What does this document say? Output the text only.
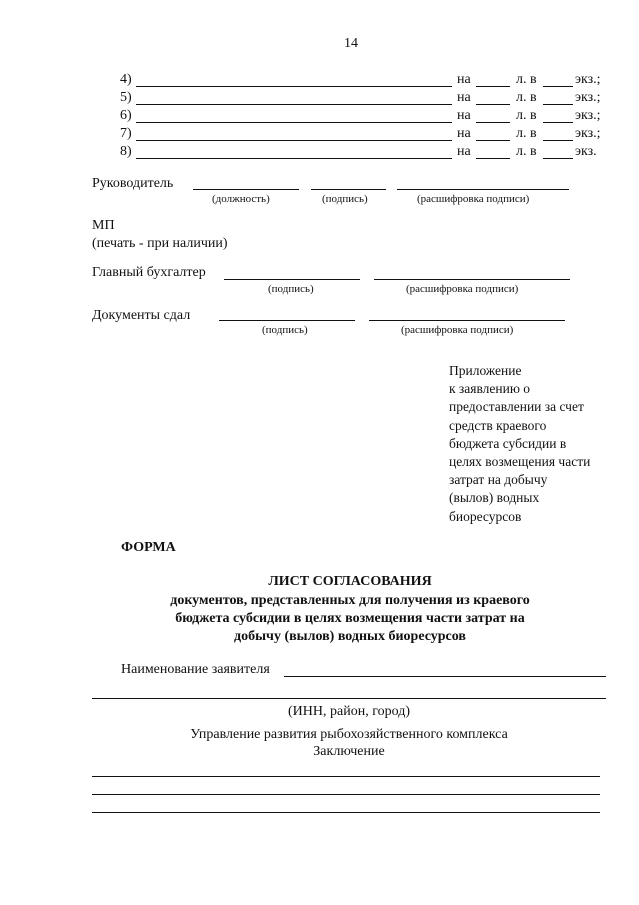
14
4)	на	л. в	экз.;
5)	на	л. в	экз.;
6)	на	л. в	экз.;
7)	на	л. в	экз.;
8)	на	л. в	экз.
Руководитель
(должность)	(подпись)	(расшифровка подписи)
МП
(печать - при наличии)
Главный бухгалтер
(подпись)	(расшифровка подписи)
Документы сдал
(подпись)	(расшифровка подписи)
Приложение
к заявлению о
предоставлении за счет
средств краевого
бюджета субсидии в
целях возмещения части
затрат на добычу
(вылов) водных
биоресурсов
ФОРМА
ЛИСТ СОГЛАСОВАНИЯ
документов, представленных для получения из краевого
бюджета субсидии в целях возмещения части затрат на
добычу (вылов) водных биоресурсов
Наименование заявителя
(ИНН, район, город)
Управление развития рыбохозяйственного комплекса
Заключение
